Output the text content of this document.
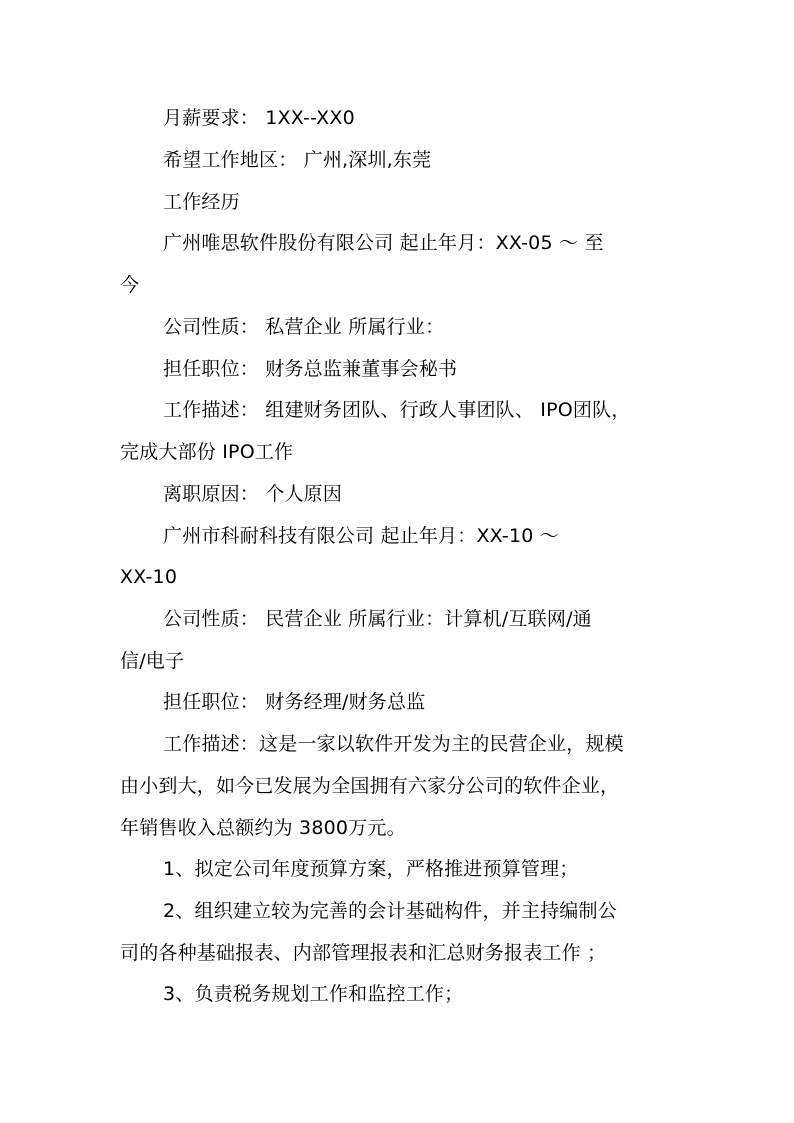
月薪要求： 1XX--XX0
希望工作地区： 广州,深圳,东莞
工作经历
广州唯思软件股份有限公司 起止年月：XX-05 ～ 至
今
公司性质： 私营企业 所属行业：
担任职位： 财务总监兼董事会秘书
工作描述： 组建财务团队、行政人事团队、 IPO团队，
完成大部份 IPO工作
离职原因： 个人原因
广州市科耐科技有限公司 起止年月：XX-10 ～
XX-10
公司性质： 民营企业 所属行业：计算机/互联网/通
信/电子
担任职位： 财务经理/财务总监
工作描述：这是一家以软件开发为主的民营企业，规模
由小到大，如今已发展为全国拥有六家分公司的软件企业，
年销售收入总额约为 3800万元。
1、拟定公司年度预算方案，严格推进预算管理；
2、组织建立较为完善的会计基础构件，并主持编制公
司的各种基础报表、内部管理报表和汇总财务报表工作 ；
3、负责税务规划工作和监控工作；
